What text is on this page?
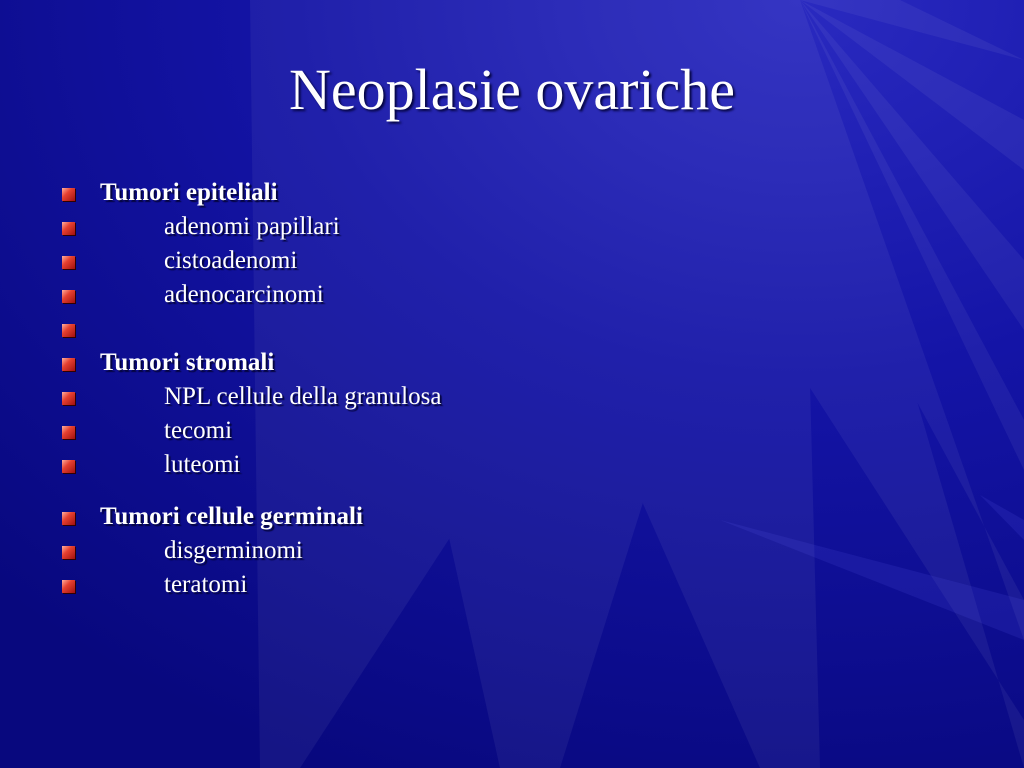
Neoplasie ovariche
Tumori epiteliali
adenomi papillari
cistoadenomi
adenocarcinomi
Tumori stromali
NPL cellule della granulosa
tecomi
luteomi
Tumori cellule germinali
disgerminomi
teratomi
